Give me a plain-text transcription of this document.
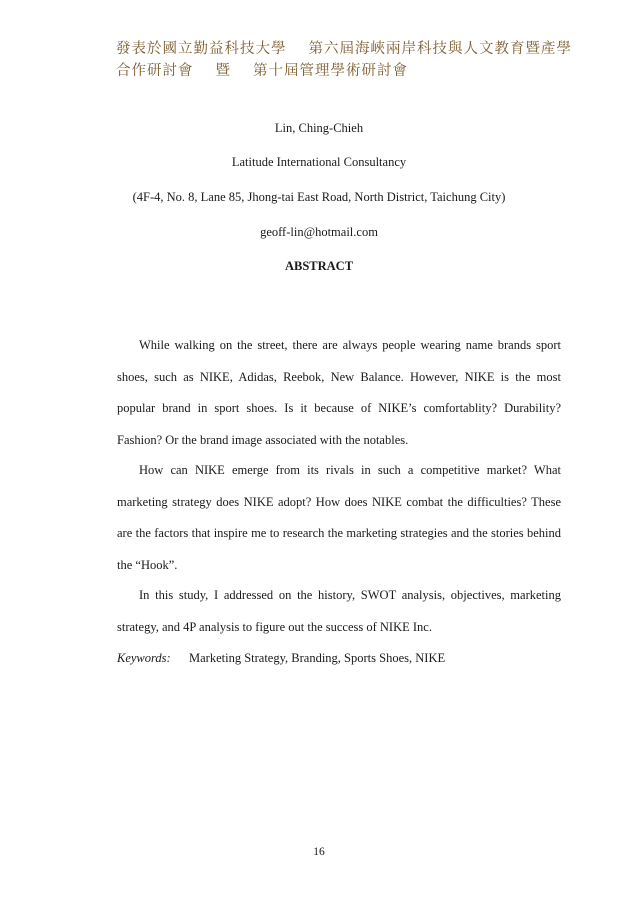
發表於國立勤益科技大學 第六屆海峽兩岸科技與人文教育暨產學
合作研討會 暨 第十屆管理學術研討會
Lin, Ching-Chieh
Latitude International Consultancy
(4F-4, No. 8, Lane 85, Jhong-tai East Road, North District, Taichung City)
geoff-lin@hotmail.com
ABSTRACT
While walking on the street, there are always people wearing name brands sport shoes, such as NIKE, Adidas, Reebok, New Balance. However, NIKE is the most popular brand in sport shoes. Is it because of NIKE’s comfortablity? Durability? Fashion? Or the brand image associated with the notables.
How can NIKE emerge from its rivals in such a competitive market? What marketing strategy does NIKE adopt? How does NIKE combat the difficulties? These are the factors that inspire me to research the marketing strategies and the stories behind the “Hook”.
In this study, I addressed on the history, SWOT analysis, objectives, marketing strategy, and 4P analysis to figure out the success of NIKE Inc.
Keywords: Marketing Strategy, Branding, Sports Shoes, NIKE
16
